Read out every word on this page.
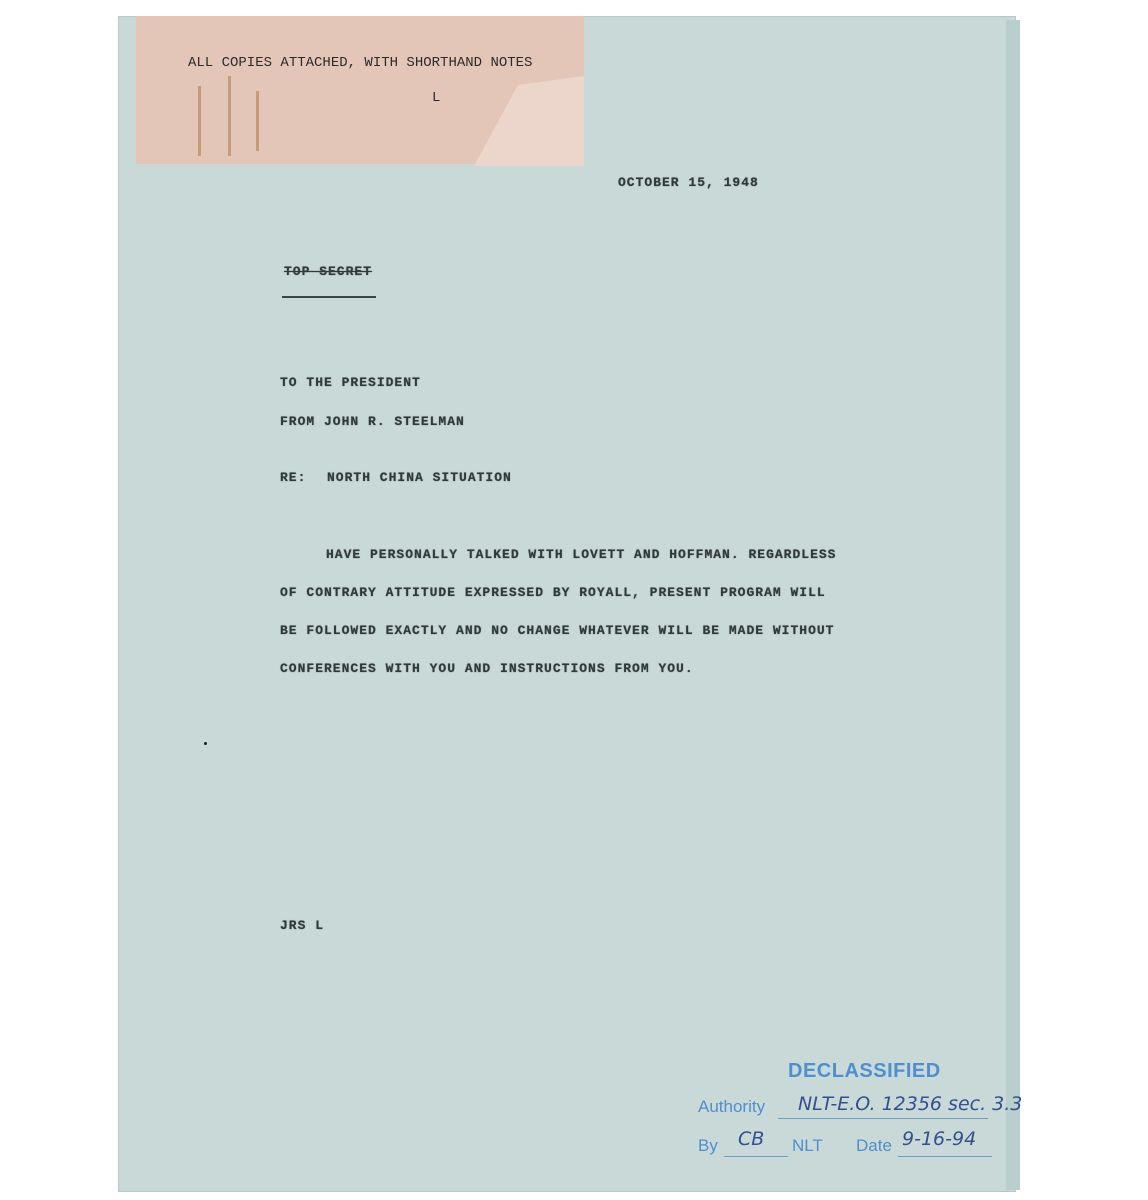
ALL COPIES ATTACHED, WITH SHORTHAND NOTES
L
OCTOBER 15, 1948
TOP SECRET
TO THE PRESIDENT
FROM JOHN R. STEELMAN
RE: NORTH CHINA SITUATION
HAVE PERSONALLY TALKED WITH LOVETT AND HOFFMAN. REGARDLESS
OF CONTRARY ATTITUDE EXPRESSED BY ROYALL, PRESENT PROGRAM WILL
BE FOLLOWED EXACTLY AND NO CHANGE WHATEVER WILL BE MADE WITHOUT
CONFERENCES WITH YOU AND INSTRUCTIONS FROM YOU.
JRS L
DECLASSIFIED
Authority NLT-E.O. 12356 sec. 3.3
By CB NLT Date 9-16-94
